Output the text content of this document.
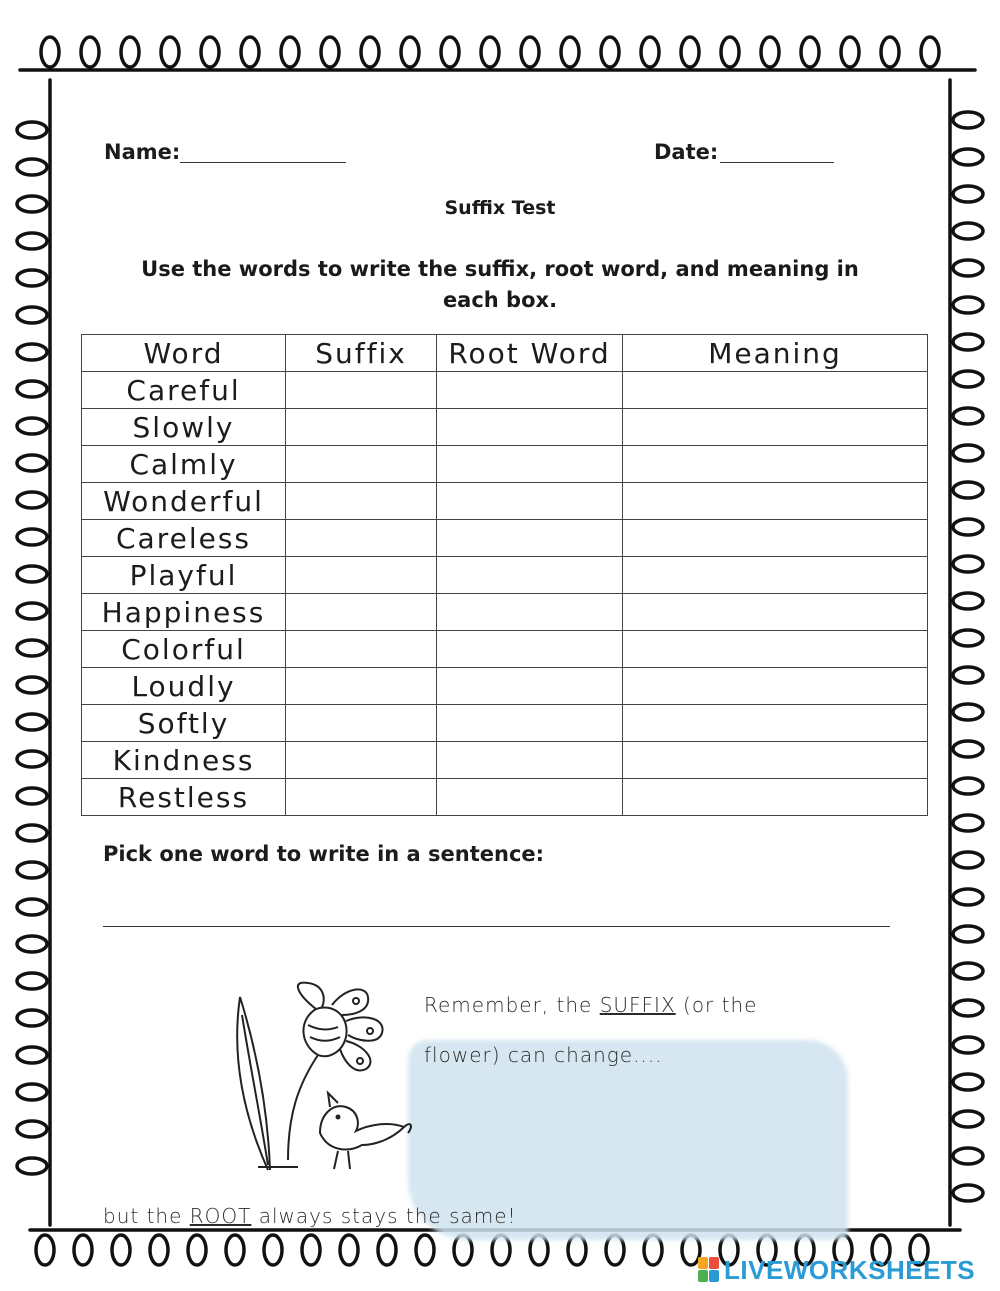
Name:	Date:
Suffix Test
Use the words to write the suffix, root word, and meaning in each box.
Word	Suffix	Root Word	Meaning
Careful			
Slowly			
Calmly			
Wonderful			
Careless			
Playful			
Happiness			
Colorful			
Loudly			
Softly			
Kindness			
Restless			
Pick one word to write in a sentence:
Remember, the SUFFIX (or the
flower) can change....
but the ROOT always stays the same!
LIVEWORKSHEETS
